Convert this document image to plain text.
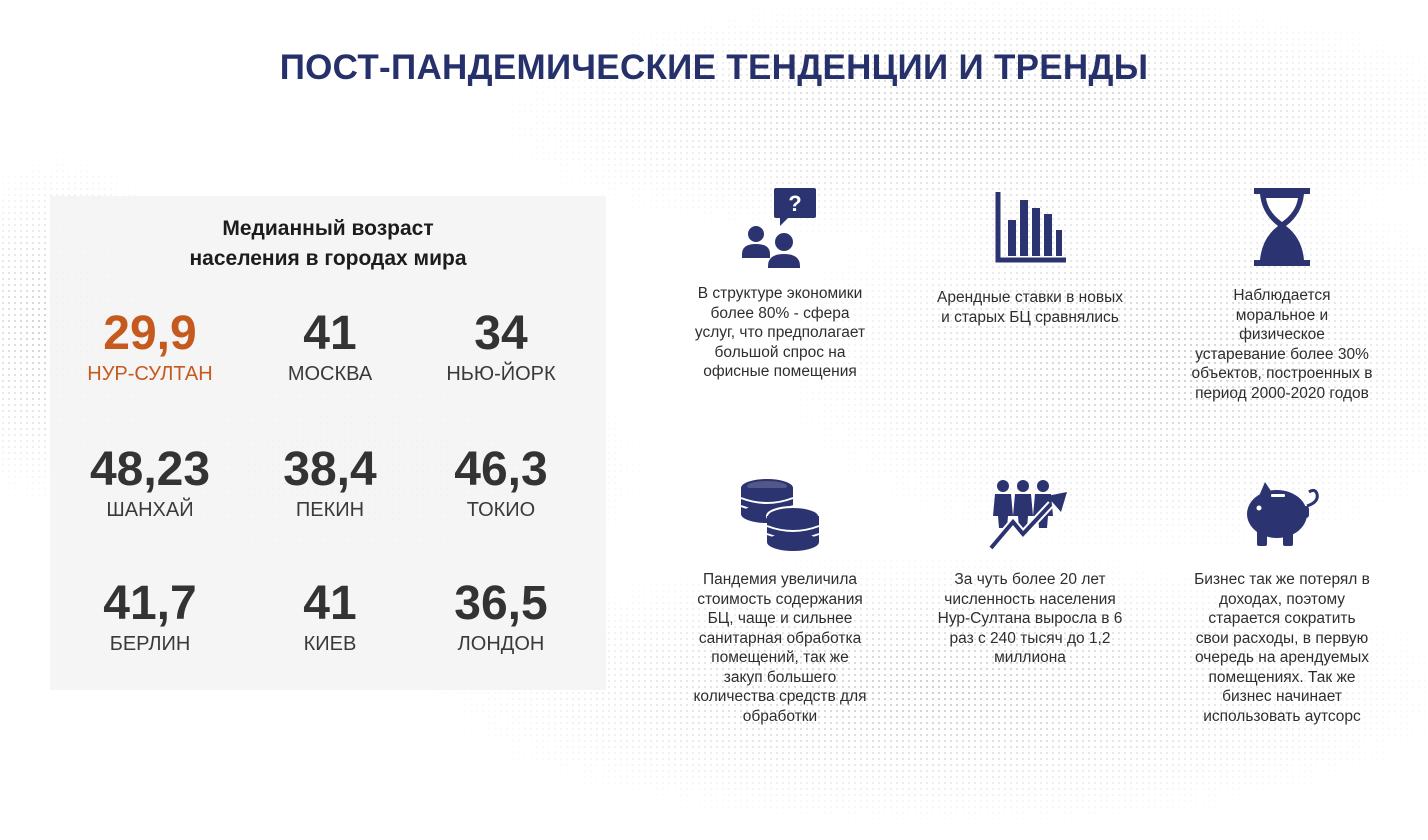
ПОСТ-ПАНДЕМИЧЕСКИЕ ТЕНДЕНЦИИ И ТРЕНДЫ
Медианный возраст
населения в городах мира
29,9
НУР-СУЛТАН
41
МОСКВА
34
НЬЮ-ЙОРК
48,23
ШАНХАЙ
38,4
ПЕКИН
46,3
ТОКИО
41,7
БЕРЛИН
41
КИЕВ
36,5
ЛОНДОН
?
В структуре экономики
более 80% - сфера
услуг, что предполагает
большой спрос на
офисные помещения
Арендные ставки в новых
и старых БЦ сравнялись
Наблюдается
моральное и
физическое
устаревание более 30%
объектов, построенных в
период 2000-2020 годов
Пандемия увеличила
стоимость содержания
БЦ, чаще и сильнее
санитарная обработка
помещений, так же
закуп большего
количества средств для
обработки
За чуть более 20 лет
численность населения
Нур-Султана выросла в 6
раз с 240 тысяч до 1,2
миллиона
Бизнес так же потерял в
доходах, поэтому
старается сократить
свои расходы, в первую
очередь на арендуемых
помещениях. Так же
бизнес начинает
использовать аутсорс
